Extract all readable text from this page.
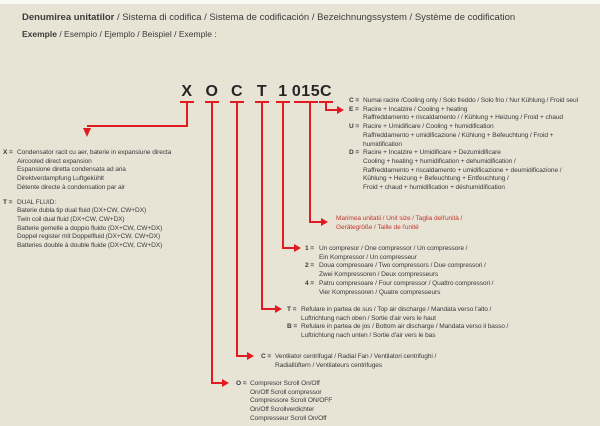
Denumirea unitatilor / Sistema di codifica / Sistema de codificación / Bezeichnungssystem / Système de codification
Exemple / Esempio / Ejemplo / Beispiel / Exemple :
X O C T 1 015 C
X = Condensator racit cu aer, baterie in expansiune directa
Aircooled direct expansion
Espansione diretta condensata ad aria
Direktverdampfung Luftgekühlt
Détente directe à condensation par air
T = DUAL FLUID:
Baterie dubla tip dual fluid (DX+CW, CW+DX)
Twin coil dual fluid (DX+CW, CW+DX)
Batterie gemelle a doppio fluido (DX+CW, CW+DX)
Doppel register mit Doppelfluid (DX+CW, CW+DX)
Batteries double à double fluide (DX+CW, CW+DX)
C = Numai racire /Cooling only / Solo freddo / Solo frio / Nur Kühlung / Froid seul
E = Racire + Incalzire / Cooling + heating
Raffreddamento + riscaldamento / / Kühlung + Heizung / Froid + chaud
U = Racire + Umidificare / Cooling + humidification
Raffreddamento + umidificazione / Kühlung + Befeuchtung / Froid +
humidification
D = Racire + Incalzire + Umidificare + Dezumidificare
Cooling + heating + humidification + dehumidification /
Raffreddamento + riscaldamento + umidificazione + deumidificazione /
Kühlung + Heizung + Befeuchtung + Entfeuchtung /
Froid + chaud + humidification + déshumidification
Marimea unitatii / Unit size / Taglia dell'unità /
Gerätegröße / Taille de l'unité
1 = Un compresor / One compressor / Un compressore /
Ein Kompressor / Un compresseur
2 = Doua compresoare / Two compressors / Due compressori /
Zwei Kompressoren / Deux compresseurs
4 = Patru compresoare / Four compressor / Quattro compressori /
Vier Kompressoren / Quatre compresseurs
T = Refulare in partea de sus / Top air discharge / Mandata verso l'alto /
Luftrichtung nach oben / Sortie d'air vers le haut
B = Refulare in partea de jos / Bottom air discharge / Mandata verso il basso /
Luftrichtung nach unten / Sortie d'air vers le bas
C = Ventilator centrifugal / Radial Fan / Ventilatori centrifughi /
Radiallüftern / Ventilateurs centrifuges
O = Compresor Scroll On/Off
On/Off Scroll compressor
Compressore Scroll ON/OFF
On/Off Scrollverdichter
Compresseur Scroll On/Off
